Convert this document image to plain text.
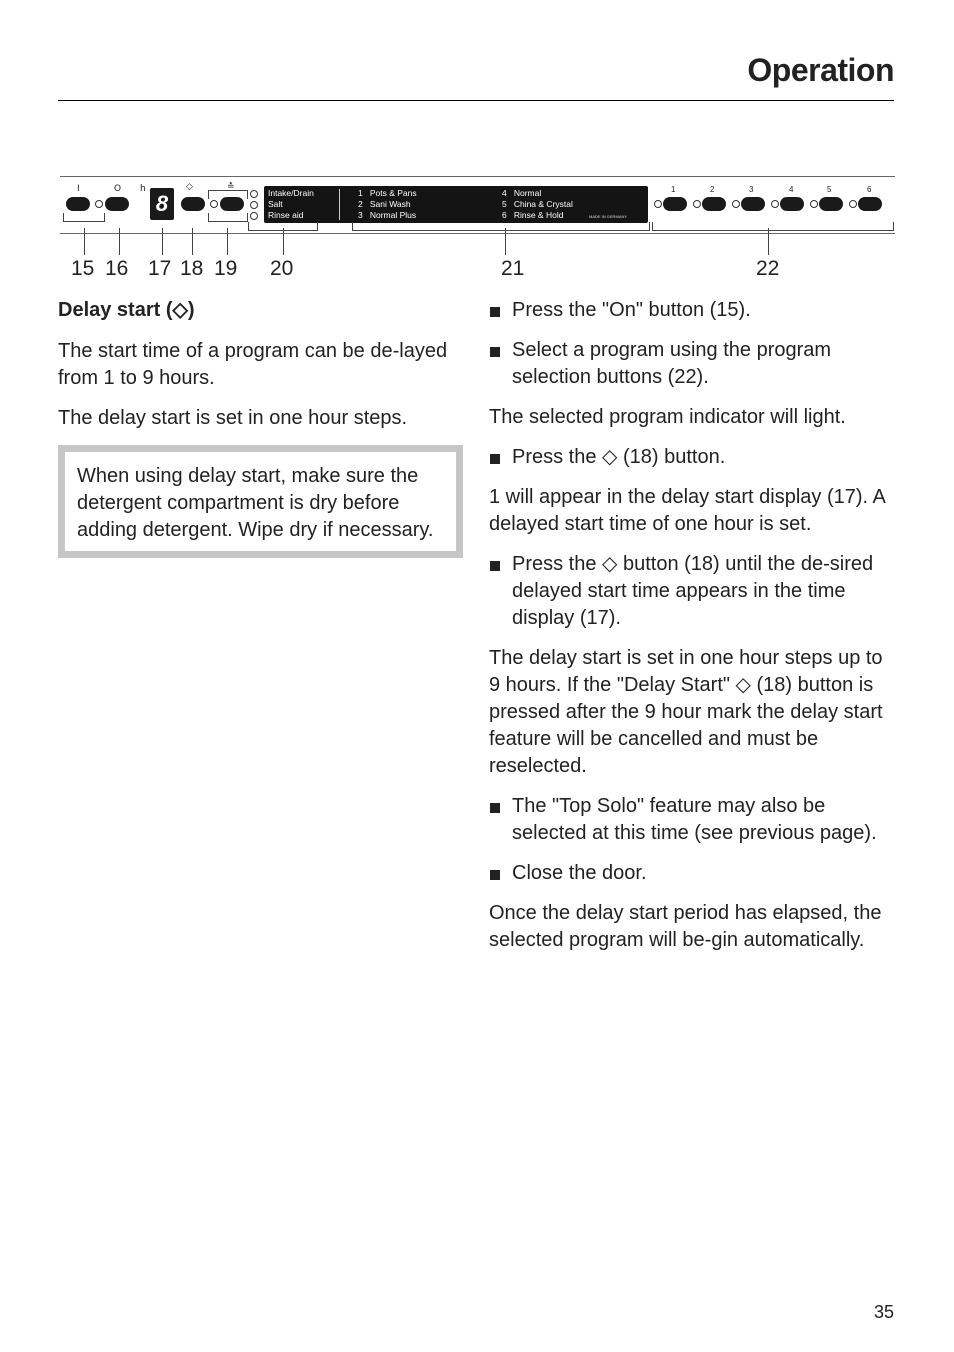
Operation
I	O h	◇	≛
8	Intake/Drain
Salt
Rinse aid
1 Pots & Pans
2 Sani Wash
3 Normal Plus
4 Normal
5 China & Crystal
6 Rinse & Hold	MADE IN GERMANY
1	2	3	4	5	6
15 16 17 18 19 20	21	22
Delay start (◇)

The start time of a program can be de-layed from 1 to 9 hours.

The delay start is set in one hour steps.

When using delay start, make sure the detergent compartment is dry before adding detergent. Wipe dry if necessary.

Press the "On" button (15).

Select a program using the program selection buttons (22).

The selected program indicator will light.

Press the ◇ (18) button.

1 will appear in the delay start display (17). A delayed start time of one hour is set.

Press the ◇ button (18) until the de-sired delayed start time appears in the time display (17).

The delay start is set in one hour steps up to 9 hours. If the "Delay Start" ◇ (18) button is pressed after the 9 hour mark the delay start feature will be cancelled and must be reselected.

The "Top Solo" feature may also be selected at this time (see previous page).

Close the door.

Once the delay start period has elapsed, the selected program will be-gin automatically.

35
